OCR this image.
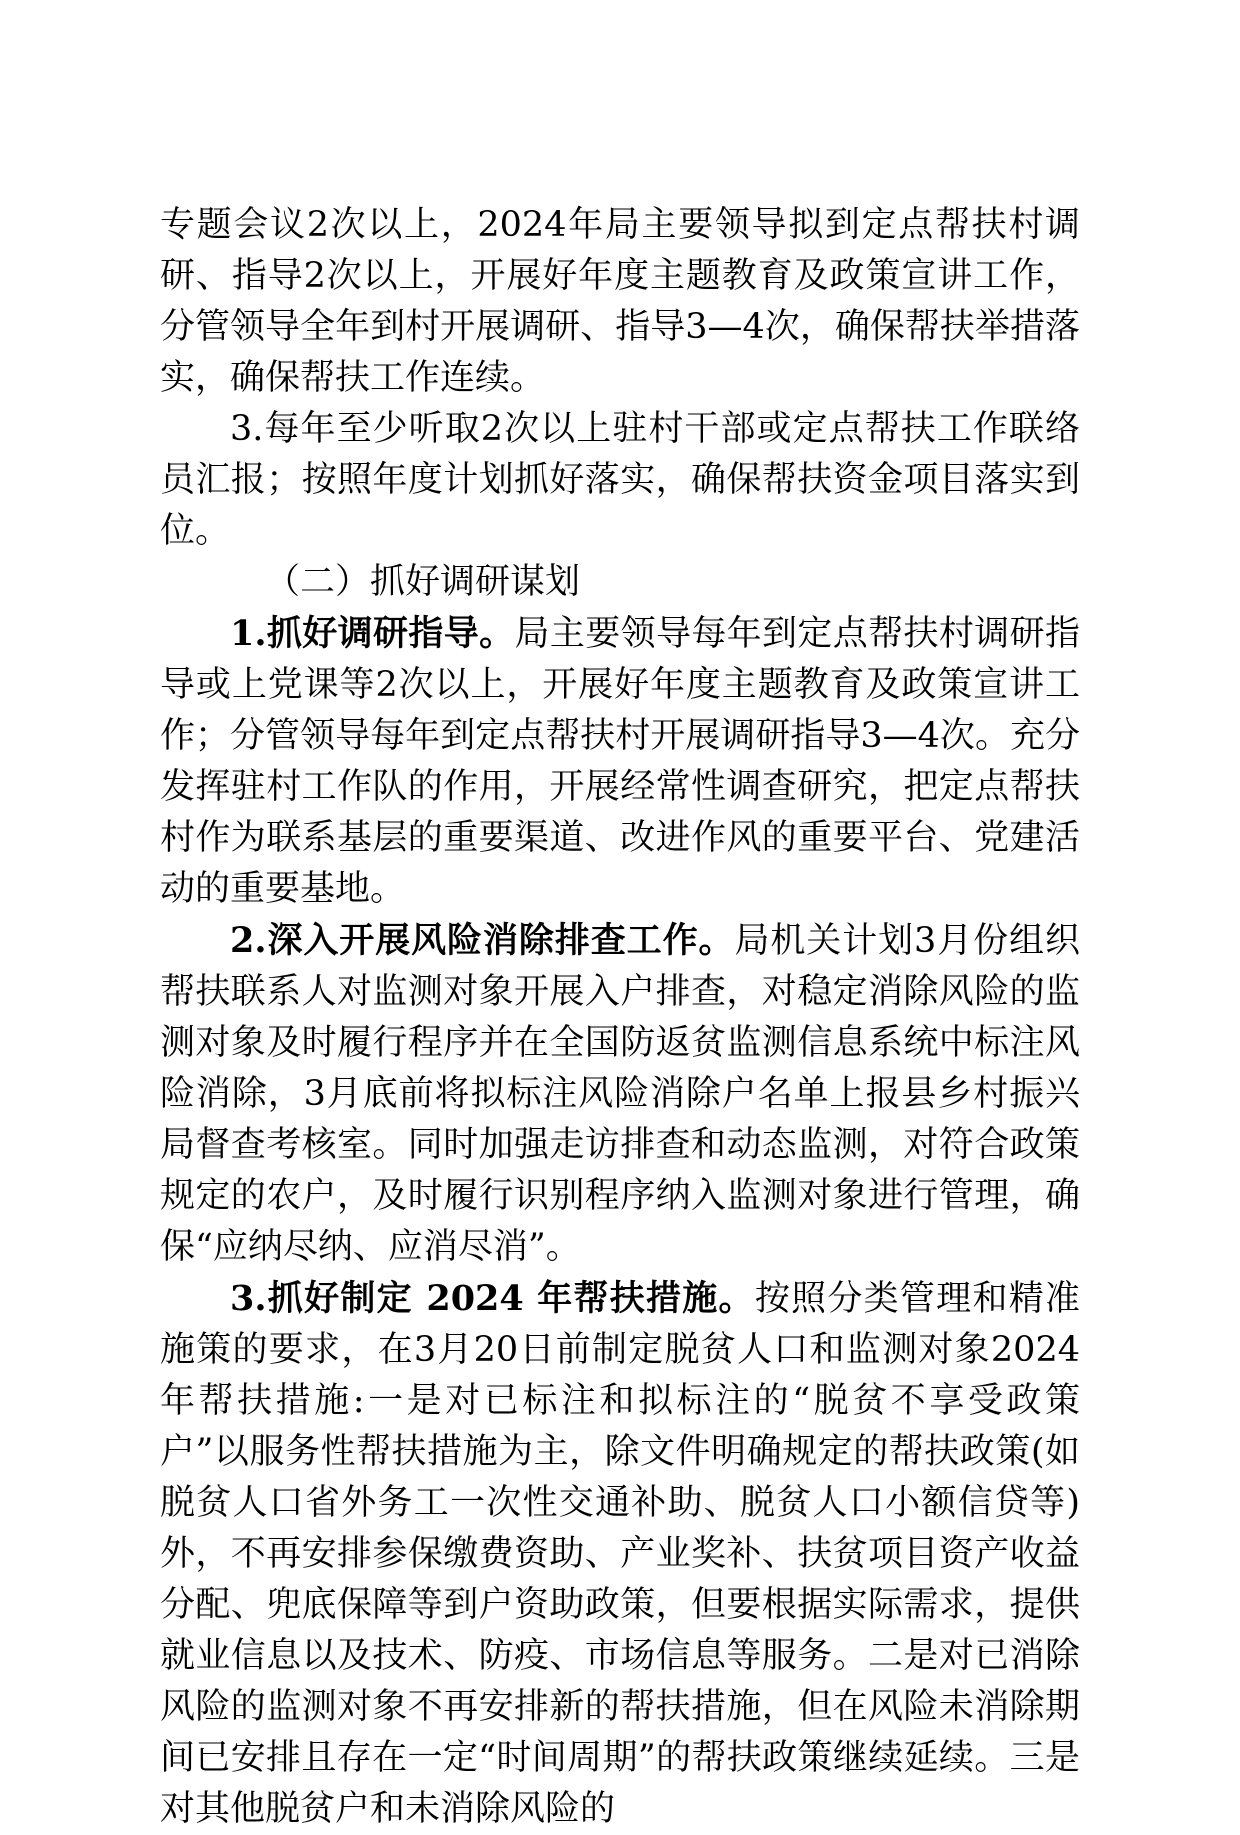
专题会议2次以上，2024年局主要领导拟到定点帮扶村调研、指导2次以上，开展好年度主题教育及政策宣讲工作，分管领导全年到村开展调研、指导3—4次，确保帮扶举措落实，确保帮扶工作连续。

3.每年至少听取2次以上驻村干部或定点帮扶工作联络员汇报；按照年度计划抓好落实，确保帮扶资金项目落实到位。

（二）抓好调研谋划

1.抓好调研指导。局主要领导每年到定点帮扶村调研指导或上党课等2次以上，开展好年度主题教育及政策宣讲工作；分管领导每年到定点帮扶村开展调研指导3—4次。充分发挥驻村工作队的作用，开展经常性调查研究，把定点帮扶村作为联系基层的重要渠道、改进作风的重要平台、党建活动的重要基地。

2.深入开展风险消除排查工作。局机关计划3月份组织帮扶联系人对监测对象开展入户排查，对稳定消除风险的监测对象及时履行程序并在全国防返贫监测信息系统中标注风险消除，3月底前将拟标注风险消除户名单上报县乡村振兴局督查考核室。同时加强走访排查和动态监测，对符合政策规定的农户，及时履行识别程序纳入监测对象进行管理，确保“应纳尽纳、应消尽消”。

3.抓好制定 2024 年帮扶措施。按照分类管理和精准施策的要求，在3月20日前制定脱贫人口和监测对象2024年帮扶措施:一是对已标注和拟标注的“脱贫不享受政策户”以服务性帮扶措施为主，除文件明确规定的帮扶政策(如脱贫人口省外务工一次性交通补助、脱贫人口小额信贷等)外，不再安排参保缴费资助、产业奖补、扶贫项目资产收益分配、兜底保障等到户资助政策，但要根据实际需求，提供就业信息以及技术、防疫、市场信息等服务。二是对已消除风险的监测对象不再安排新的帮扶措施，但在风险未消除期间已安排且存在一定“时间周期”的帮扶政策继续延续。三是对其他脱贫户和未消除风险的
